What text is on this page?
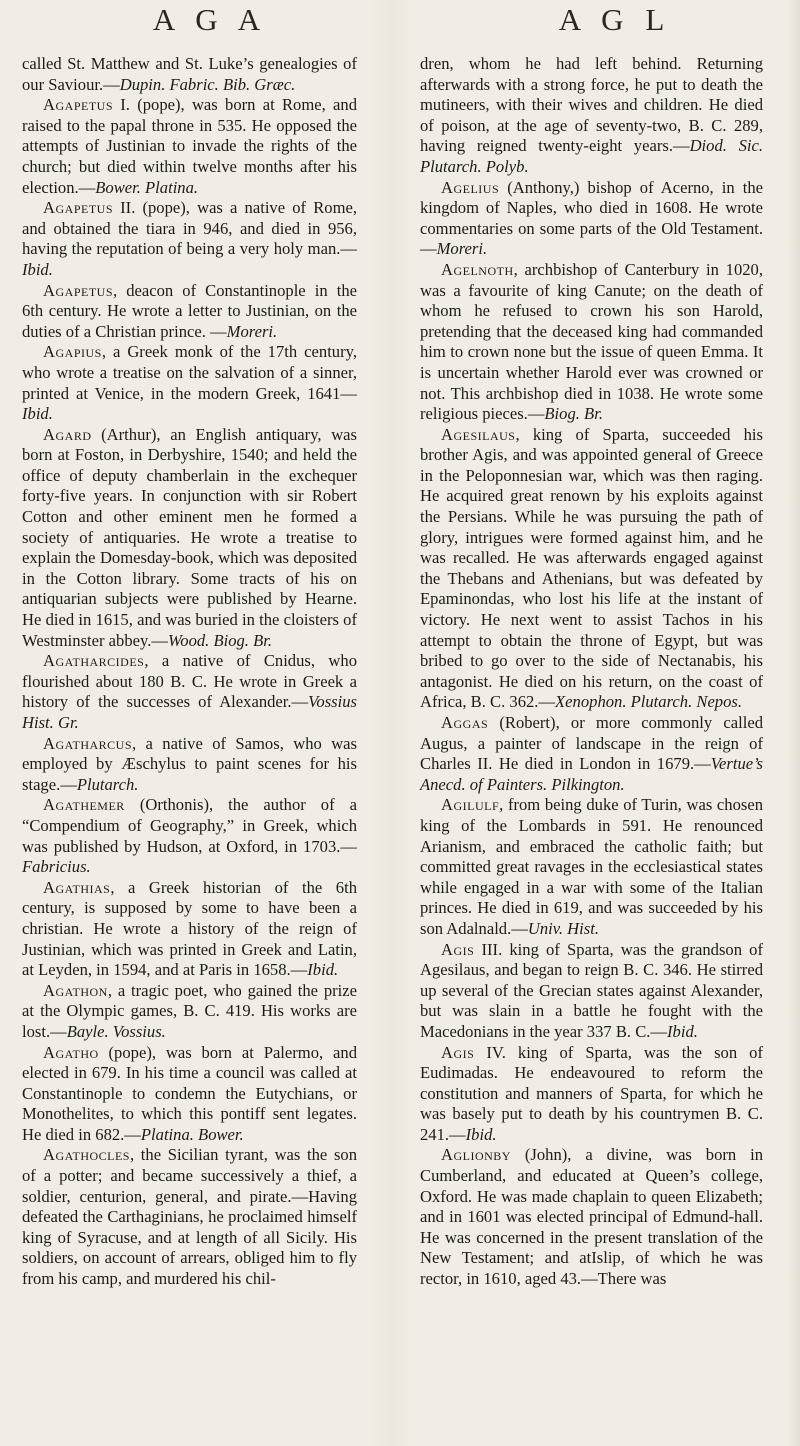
A G A	A G L

called St. Matthew and St. Luke’s genealogies of our Saviour.—Dupin. Fabric. Bib. Græc.

Agapetus I. (pope), was born at Rome, and raised to the papal throne in 535. He opposed the attempts of Justinian to invade the rights of the church; but died within twelve months after his election.—Bower. Platina.

Agapetus II. (pope), was a native of Rome, and obtained the tiara in 946, and died in 956, having the reputation of being a very holy man.—Ibid.

Agapetus, deacon of Constantinople in the 6th century. He wrote a letter to Justinian, on the duties of a Christian prince. —Moreri.

Agapius, a Greek monk of the 17th century, who wrote a treatise on the salvation of a sinner, printed at Venice, in the modern Greek, 1641—Ibid.

Agard (Arthur), an English antiquary, was born at Foston, in Derbyshire, 1540; and held the office of deputy chamberlain in the exchequer forty-five years. In conjunction with sir Robert Cotton and other eminent men he formed a society of antiquaries. He wrote a treatise to explain the Domesday-book, which was deposited in the Cotton library. Some tracts of his on antiquarian subjects were published by Hearne. He died in 1615, and was buried in the cloisters of Westminster abbey.—Wood. Biog. Br.

Agatharcides, a native of Cnidus, who flourished about 180 B. C. He wrote in Greek a history of the successes of Alexander.—Vossius Hist. Gr.

Agatharcus, a native of Samos, who was employed by Æschylus to paint scenes for his stage.—Plutarch.

Agathemer (Orthonis), the author of a “Compendium of Geography,” in Greek, which was published by Hudson, at Oxford, in 1703.—Fabricius.

Agathias, a Greek historian of the 6th century, is supposed by some to have been a christian. He wrote a history of the reign of Justinian, which was printed in Greek and Latin, at Leyden, in 1594, and at Paris in 1658.—Ibid.

Agathon, a tragic poet, who gained the prize at the Olympic games, B. C. 419. His works are lost.—Bayle. Vossius.

Agatho (pope), was born at Palermo, and elected in 679. In his time a council was called at Constantinople to condemn the Eutychians, or Monothelites, to which this pontiff sent legates. He died in 682.—Platina. Bower.

Agathocles, the Sicilian tyrant, was the son of a potter; and became successively a thief, a soldier, centurion, general, and pirate.—Having defeated the Carthaginians, he proclaimed himself king of Syracuse, and at length of all Sicily. His soldiers, on account of arrears, obliged him to fly from his camp, and murdered his chil-

dren, whom he had left behind. Returning afterwards with a strong force, he put to death the mutineers, with their wives and children. He died of poison, at the age of seventy-two, B. C. 289, having reigned twenty-eight years.—Diod. Sic. Plutarch. Polyb.

Agelius (Anthony,) bishop of Acerno, in the kingdom of Naples, who died in 1608. He wrote commentaries on some parts of the Old Testament.—Moreri.

Agelnoth, archbishop of Canterbury in 1020, was a favourite of king Canute; on the death of whom he refused to crown his son Harold, pretending that the deceased king had commanded him to crown none but the issue of queen Emma. It is uncertain whether Harold ever was crowned or not. This archbishop died in 1038. He wrote some religious pieces.—Biog. Br.

Agesilaus, king of Sparta, succeeded his brother Agis, and was appointed general of Greece in the Peloponnesian war, which was then raging. He acquired great renown by his exploits against the Persians. While he was pursuing the path of glory, intrigues were formed against him, and he was recalled. He was afterwards engaged against the Thebans and Athenians, but was defeated by Epaminondas, who lost his life at the instant of victory. He next went to assist Tachos in his attempt to obtain the throne of Egypt, but was bribed to go over to the side of Nectanabis, his antagonist. He died on his return, on the coast of Africa, B. C. 362.—Xenophon. Plutarch. Nepos.

Aggas (Robert), or more commonly called Augus, a painter of landscape in the reign of Charles II. He died in London in 1679.—Vertue’s Anecd. of Painters. Pilkington.

Agilulf, from being duke of Turin, was chosen king of the Lombards in 591. He renounced Arianism, and embraced the catholic faith; but committed great ravages in the ecclesiastical states while engaged in a war with some of the Italian princes. He died in 619, and was succeeded by his son Adalnald.—Univ. Hist.

Agis III. king of Sparta, was the grandson of Agesilaus, and began to reign B. C. 346. He stirred up several of the Grecian states against Alexander, but was slain in a battle he fought with the Macedonians in the year 337 B. C.—Ibid.

Agis IV. king of Sparta, was the son of Eudimadas. He endeavoured to reform the constitution and manners of Sparta, for which he was basely put to death by his countrymen B. C. 241.—Ibid.

Aglionby (John), a divine, was born in Cumberland, and educated at Queen’s college, Oxford. He was made chaplain to queen Elizabeth; and in 1601 was elected principal of Edmund-hall. He was concerned in the present translation of the New Testament; and atIslip, of which he was rector, in 1610, aged 43.—There was
